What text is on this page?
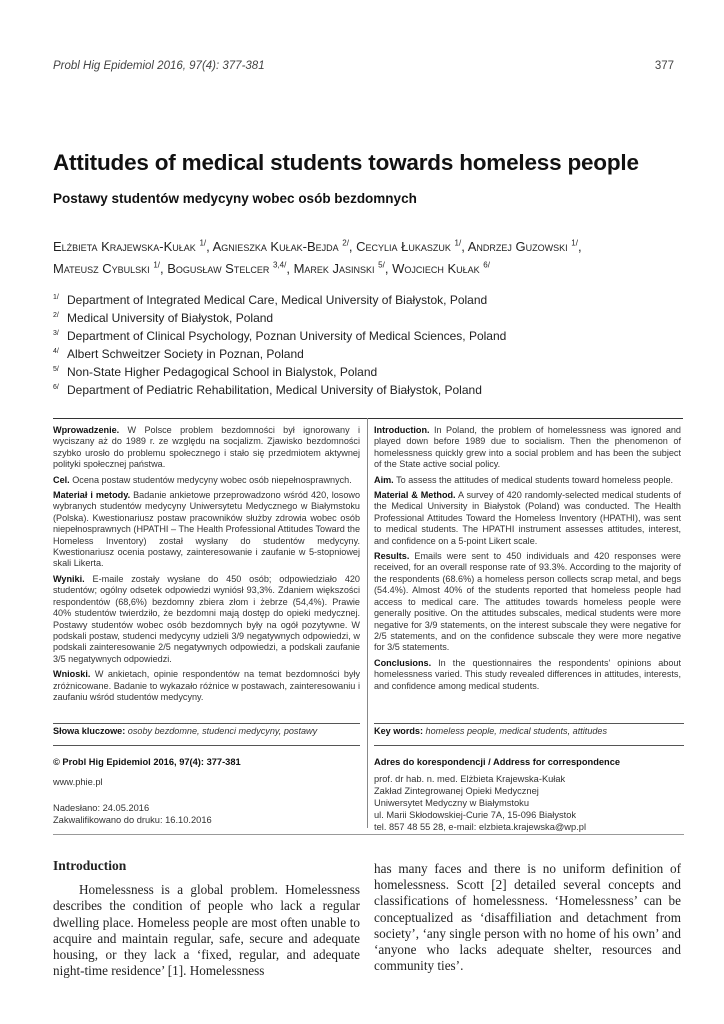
Probl Hig Epidemiol 2016, 97(4): 377-381	377
Attitudes of medical students towards homeless people
Postawy studentów medycyny wobec osób bezdomnych
Elżbieta Krajewska-Kułak $^{1/}$, Agnieszka Kułak-Bejda $^{2/}$, Cecylia Łukaszuk $^{1/}$, Andrzej Guzowski $^{1/}$,
Mateusz Cybulski $^{1/}$, Bogusław Stelcer $^{3,4/}$, Marek Jasinski $^{5/}$, Wojciech Kułak $^{6/}$
$^{1/}$ Department of Integrated Medical Care, Medical University of Białystok, Poland
$^{2/}$ Medical University of Białystok, Poland
$^{3/}$ Department of Clinical Psychology, Poznan University of Medical Sciences, Poland
$^{4/}$ Albert Schweitzer Society in Poznan, Poland
$^{5/}$ Non-State Higher Pedagogical School in Bialystok, Poland
$^{6/}$ Department of Pediatric Rehabilitation, Medical University of Białystok, Poland

Wprowadzenie. W Polsce problem bezdomności był ignorowany i wyciszany aż do 1989 r. ze względu na socjalizm. Zjawisko bezdomności szybko urosło do problemu społecznego i stało się przedmiotem aktywnej polityki społecznej państwa.

Cel. Ocena postaw studentów medycyny wobec osób niepełnosprawnych.

Materiał i metody. Badanie ankietowe przeprowadzono wśród 420, losowo wybranych studentów medycyny Uniwersytetu Medycznego w Białymstoku (Polska). Kwestionariusz postaw pracowników służby zdrowia wobec osób niepełnosprawnych (HPATHI – The Health Professional Attitudes Toward the Homeless Inventory) został wysłany do studentów medycyny. Kwestionariusz ocenia postawy, zainteresowanie i zaufanie w 5-stopniowej skali Likerta.

Wyniki. E-maile zostały wysłane do 450 osób; odpowiedziało 420 studentów; ogólny odsetek odpowiedzi wyniósł 93,3%. Zdaniem większości respondentów (68,6%) bezdomny zbiera złom i żebrze (54,4%). Prawie 40% studentów twierdziło, że bezdomni mają dostęp do opieki medycznej. Postawy studentów wobec osób bezdomnych były na ogół pozytywne. W podskali postaw, studenci medycyny udzieli 3/9 negatywnych odpowiedzi, w podskali zainteresowanie 2/5 negatywnych odpowiedzi, a podskali zaufanie 3/5 negatywnych odpowiedzi.

Wnioski. W ankietach, opinie respondentów na temat bezdomności były zróżnicowane. Badanie to wykazało różnice w postawach, zainteresowaniu i zaufaniu wśród studentów medycyny.

Introduction. In Poland, the problem of homelessness was ignored and played down before 1989 due to socialism. Then the phenomenon of homelessness quickly grew into a social problem and has been the subject of the State active social policy.

Aim. To assess the attitudes of medical students toward homeless people.

Material & Method. A survey of 420 randomly-selected medical students of the Medical University in Białystok (Poland) was conducted. The Health Professional Attitudes Toward the Homeless Inventory (HPATHI), was sent to medical students. The HPATHI instrument assesses attitudes, interest, and confidence on a 5-point Likert scale.

Results. Emails were sent to 450 individuals and 420 responses were received, for an overall response rate of 93.3%. According to the majority of the respondents (68.6%) a homeless person collects scrap metal, and begs (54.4%). Almost 40% of the students reported that homeless people had access to medical care. The attitudes towards homeless people were generally positive. On the attitudes subscales, medical students were more negative for 3/9 statements, on the interest subscale they were negative for 2/5 statements, and on the confidence subscale they were more negative for 3/5 statements.

Conclusions. In the questionnaires the respondents' opinions about homelessness varied. This study revealed differences in attitudes, interests, and confidence among medical students.

Słowa kluczowe: osoby bezdomne, studenci medycyny, postawy	Key words: homeless people, medical students, attitudes
© Probl Hig Epidemiol 2016, 97(4): 377-381
www.phie.pl
Nadesłano: 24.05.2016
Zakwalifikowano do druku: 16.10.2016
Adres do korespondencji / Address for correspondence
prof. dr hab. n. med. Elżbieta Krajewska-Kułak
Zakład Zintegrowanej Opieki Medycznej
Uniwersytet Medyczny w Białymstoku
ul. Marii Skłodowskiej-Curie 7A, 15-096 Białystok
tel. 857 48 55 28, e-mail: elzbieta.krajewska@wp.pl
Introduction

Homelessness is a global problem. Homelessness describes the condition of people who lack a regular dwelling place. Homeless people are most often unable to acquire and maintain regular, safe, secure and adequate housing, or they lack a ‘fixed, regular, and adequate night-time residence’ [1]. Homelessness

has many faces and there is no uniform definition of homelessness. Scott [2] detailed several concepts and classifications of homelessness. ‘Homelessness’ can be conceptualized as ‘disaffiliation and detachment from society’, ‘any single person with no home of his own’ and ‘anyone who lacks adequate shelter, resources and community ties’.
